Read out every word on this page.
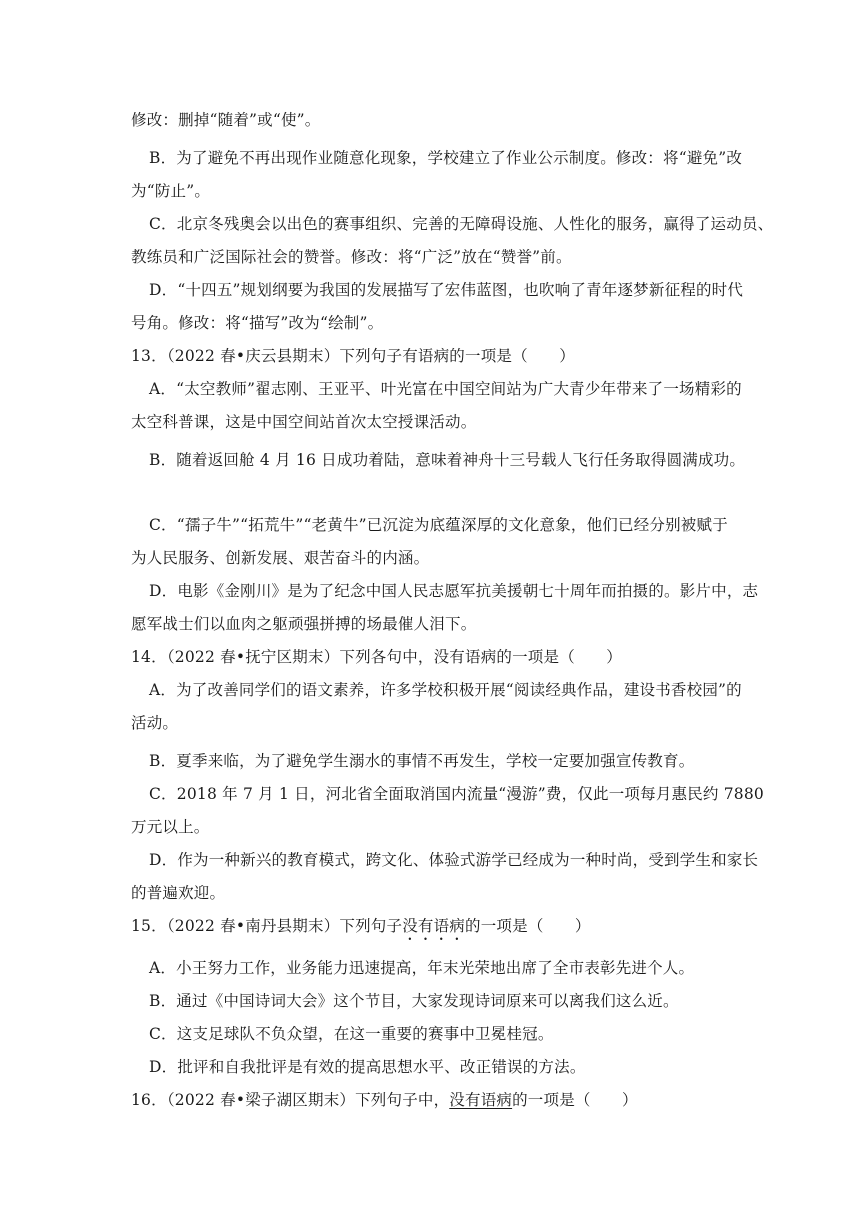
修改：删掉“随着”或“使”。
B．为了避免不再出现作业随意化现象，学校建立了作业公示制度。修改：将“避免”改
为“防止”。
C．北京冬残奥会以出色的赛事组织、完善的无障碍设施、人性化的服务，赢得了运动员、
教练员和广泛国际社会的赞誉。修改：将“广泛”放在“赞誉”前。
D．“十四五”规划纲要为我国的发展描写了宏伟蓝图，也吹响了青年逐梦新征程的时代
号角。修改：将“描写”改为“绘制”。
13．（2022 春•庆云县期末）下列句子有语病的一项是（　　）
A．“太空教师”翟志刚、王亚平、叶光富在中国空间站为广大青少年带来了一场精彩的
太空科普课，这是中国空间站首次太空授课活动。
B．随着返回舱 4 月 16 日成功着陆，意味着神舟十三号载人飞行任务取得圆满成功。
C．“孺子牛”“拓荒牛”“老黄牛”已沉淀为底蕴深厚的文化意象，他们已经分别被赋于
为人民服务、创新发展、艰苦奋斗的内涵。
D．电影《金刚川》是为了纪念中国人民志愿军抗美援朝七十周年而拍摄的。影片中，志
愿军战士们以血肉之躯顽强拼搏的场最催人泪下。
14．（2022 春•抚宁区期末）下列各句中，没有语病的一项是（　　）
A．为了改善同学们的语文素养，许多学校积极开展“阅读经典作品，建设书香校园”的
活动。
B．夏季来临，为了避免学生溺水的事情不再发生，学校一定要加强宣传教育。
C．2018 年 7 月 1 日，河北省全面取消国内流量“漫游”费，仅此一项每月惠民约 7880
万元以上。
D．作为一种新兴的教育模式，跨文化、体验式游学已经成为一种时尚，受到学生和家长
的普遍欢迎。
15．（2022 春•南丹县期末）下列句子没有语病的一项是（　　）
A．小王努力工作，业务能力迅速提高，年末光荣地出席了全市表彰先进个人。
B．通过《中国诗词大会》这个节目，大家发现诗词原来可以离我们这么近。
C．这支足球队不负众望，在这一重要的赛事中卫冕桂冠。
D．批评和自我批评是有效的提高思想水平、改正错误的方法。
16．（2022 春•梁子湖区期末）下列句子中，没有语病的一项是（　　）
